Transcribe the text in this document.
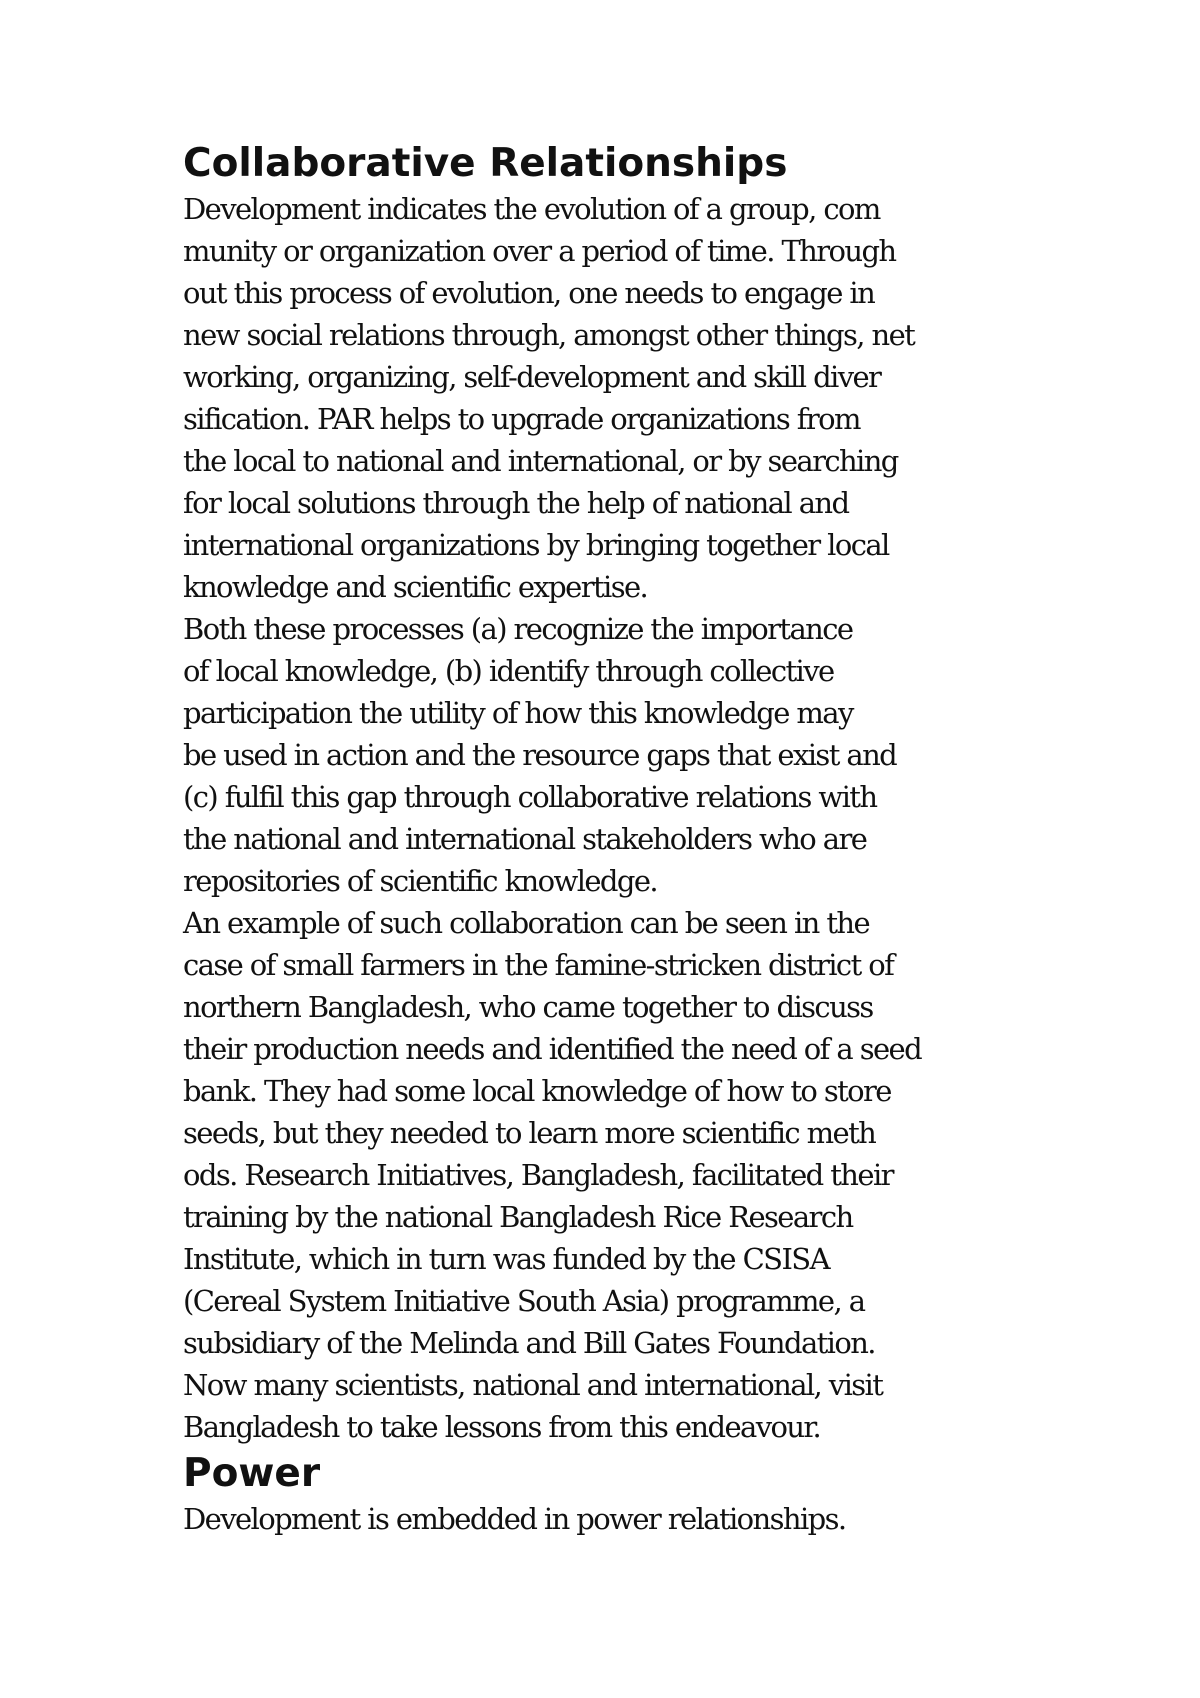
Collaborative Relationships

Development indicates the evolution of a group, com
munity or organization over a period of time. Through
out this process of evolution, one needs to engage in
new social relations through, amongst other things, net
working, organizing, self-development and skill diver
sification. PAR helps to upgrade organizations from
the local to national and international, or by searching
for local solutions through the help of national and
international organizations by bringing together local
knowledge and scientific expertise.

Both these processes (a) recognize the importance
of local knowledge, (b) identify through collective
participation the utility of how this knowledge may
be used in action and the resource gaps that exist and
(c) fulfil this gap through collaborative relations with
the national and international stakeholders who are
repositories of scientific knowledge.

An example of such collaboration can be seen in the
case of small farmers in the famine-stricken district of
northern Bangladesh, who came together to discuss
their production needs and identified the need of a seed
bank. They had some local knowledge of how to store
seeds, but they needed to learn more scientific meth
ods. Research Initiatives, Bangladesh, facilitated their
training by the national Bangladesh Rice Research
Institute, which in turn was funded by the CSISA
(Cereal System Initiative South Asia) programme, a
subsidiary of the Melinda and Bill Gates Foundation.
Now many scientists, national and international, visit
Bangladesh to take lessons from this endeavour.

Power

Development is embedded in power relationships.
